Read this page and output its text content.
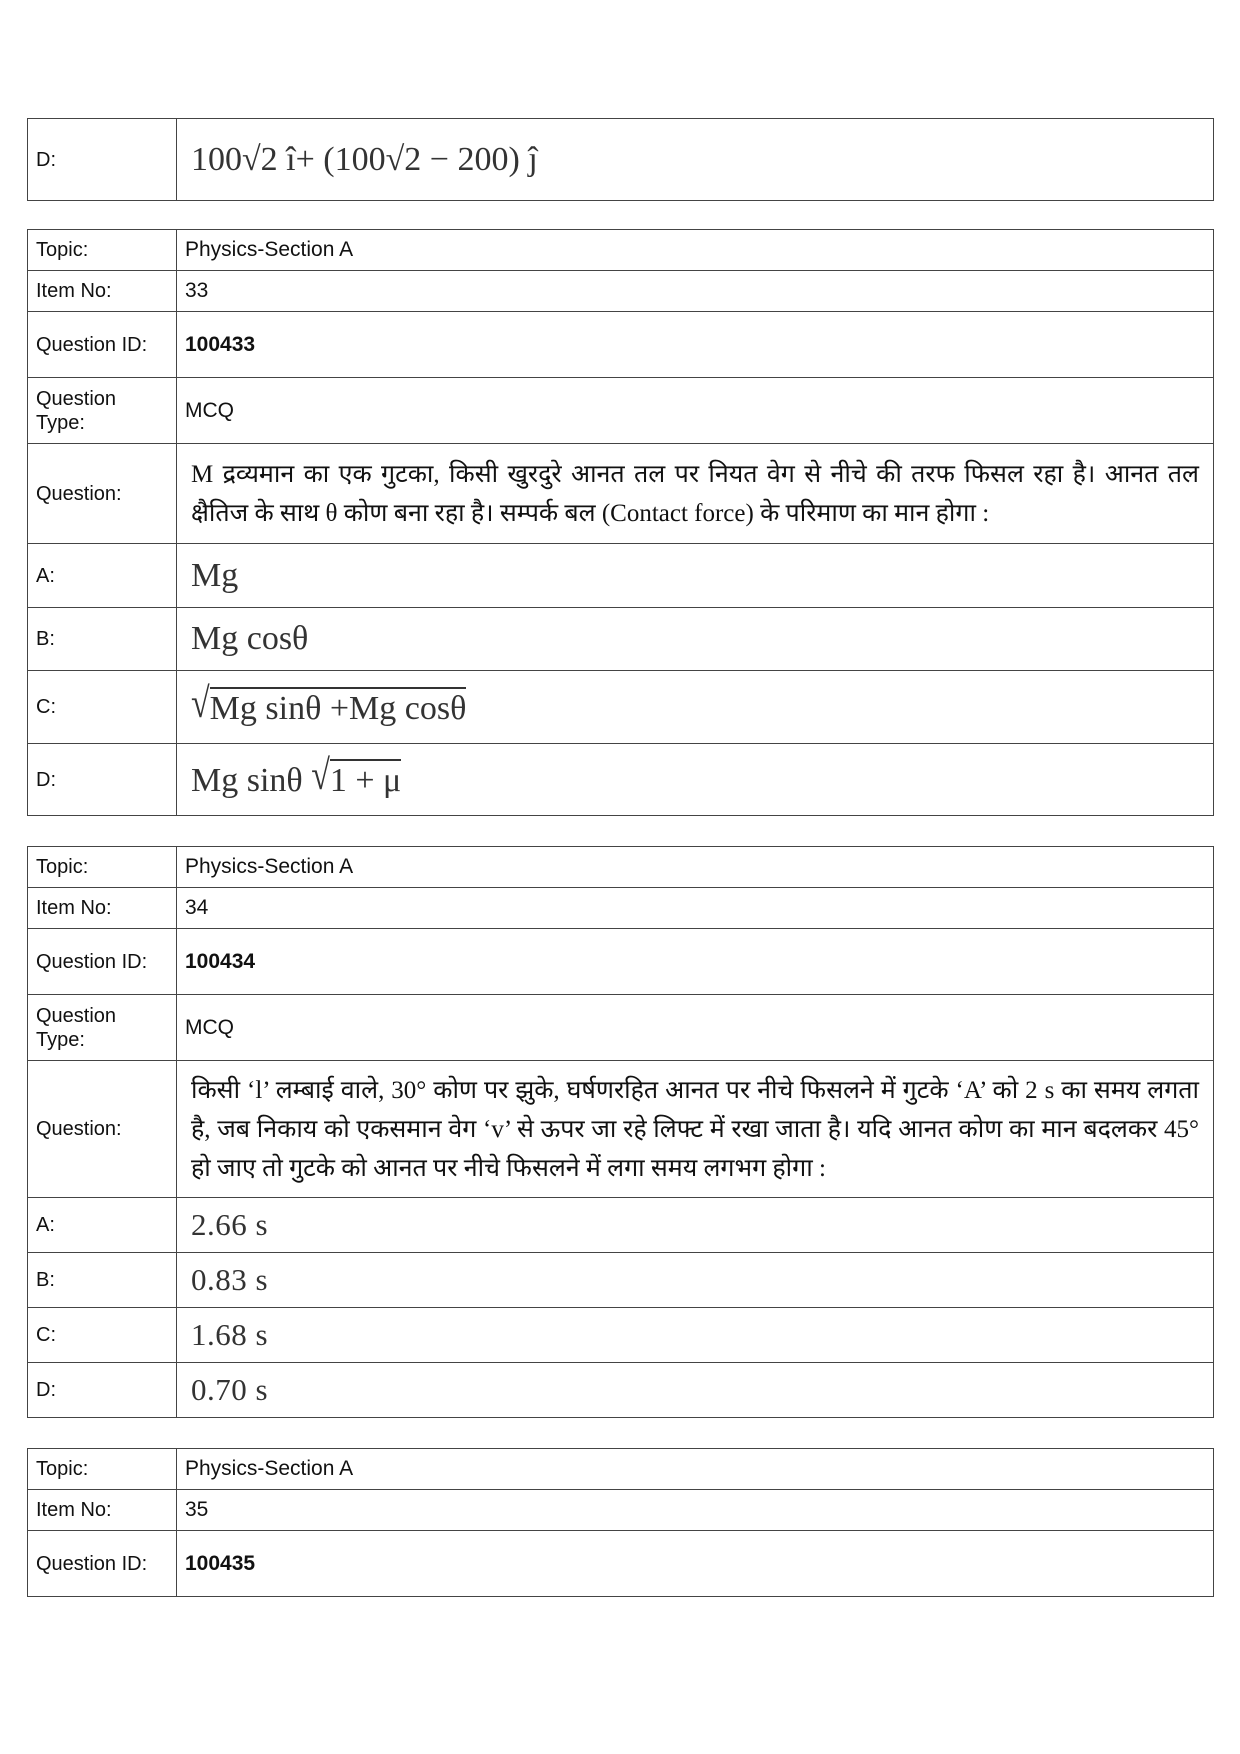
D:	100√2 î+ (100√2 − 200) ĵ
Topic:	Physics-Section A
Item No:	33
Question ID:	100433
Question Type:	MCQ
Question:	M द्रव्यमान का एक गुटका, किसी खुरदुरे आनत तल पर नियत वेग से नीचे की तरफ फिसल रहा है। आनत तल क्षैतिज के साथ θ कोण बना रहा है। सम्पर्क बल (Contact force) के परिमाण का मान होगा :
A:	Mg
B:	Mg cosθ
C:	√Mg sinθ +Mg cosθ
D:	Mg sinθ √1 + μ
Topic:	Physics-Section A
Item No:	34
Question ID:	100434
Question Type:	MCQ
Question:	किसी ‘l’ लम्बाई वाले, 30° कोण पर झुके, घर्षणरहित आनत पर नीचे फिसलने में गुटके ‘A’ को 2 s का समय लगता है, जब निकाय को एकसमान वेग ‘v’ से ऊपर जा रहे लिफ्ट में रखा जाता है। यदि आनत कोण का मान बदलकर 45° हो जाए तो गुटके को आनत पर नीचे फिसलने में लगा समय लगभग होगा :
A:	2.66 s
B:	0.83 s
C:	1.68 s
D:	0.70 s
Topic:	Physics-Section A
Item No:	35
Question ID:	100435
